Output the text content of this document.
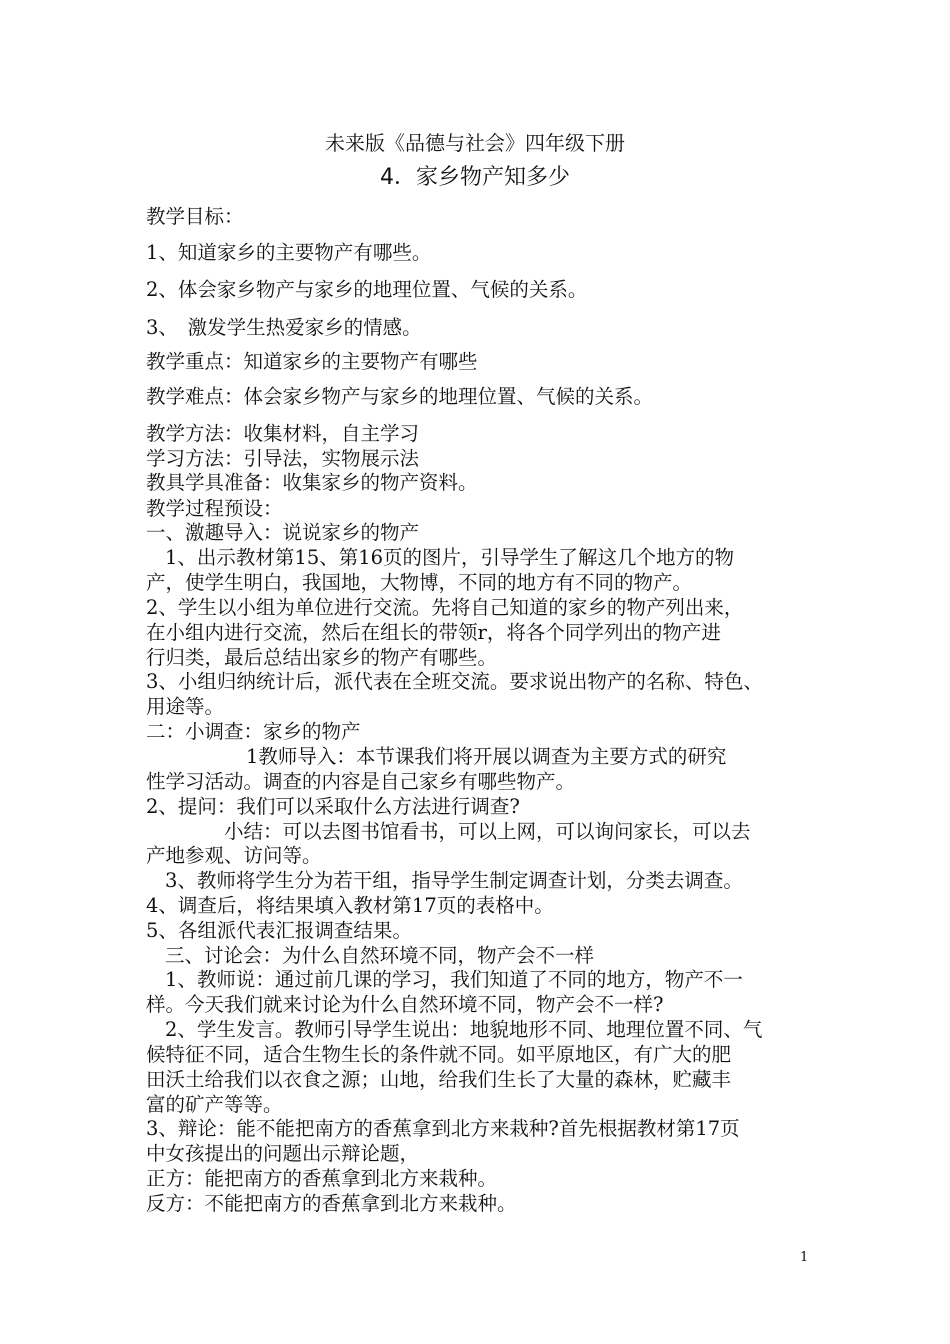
未来版《品德与社会》四年级下册
4．家乡物产知多少
教学目标：
1、知道家乡的主要物产有哪些。
2、体会家乡物产与家乡的地理位置、气候的关系。
3、　激发学生热爱家乡的情感。
教学重点：知道家乡的主要物产有哪些
教学难点：体会家乡物产与家乡的地理位置、气候的关系。
教学方法：收集材料，自主学习
学习方法：引导法，实物展示法
教具学具准备：收集家乡的物产资料。
教学过程预设：
一、激趣导入：说说家乡的物产
1、出示教材第15、第16页的图片，引导学生了解这几个地方的物
产，使学生明白，我国地，大物博，不同的地方有不同的物产。
2、学生以小组为单位进行交流。先将自己知道的家乡的物产列出来，
在小组内进行交流，然后在组长的带领r，将各个同学列出的物产进
行归类，最后总结出家乡的物产有哪些。
3、小组归纳统计后，派代表在全班交流。要求说出物产的名称、特色、
用途等。
二：小调查：家乡的物产
1教师导入：本节课我们将开展以调查为主要方式的研究
性学习活动。调查的内容是自己家乡有哪些物产。
2、提问：我们可以采取什么方法进行调查?
小结：可以去图书馆看书，可以上网，可以询问家长，可以去
产地参观、访问等。
3、教师将学生分为若干组，指导学生制定调查计划，分类去调查。
4、调查后，将结果填入教材第17页的表格中。
5、各组派代表汇报调查结果。
三、讨论会：为什么自然环境不同，物产会不一样
1、教师说：通过前几课的学习，我们知道了不同的地方，物产不一
样。今天我们就来讨论为什么自然环境不同，物产会不一样?
2、学生发言。教师引导学生说出：地貌地形不同、地理位置不同、气
候特征不同，适合生物生长的条件就不同。如平原地区，有广大的肥
田沃土给我们以衣食之源；山地，给我们生长了大量的森林，贮藏丰
富的矿产等等。
3、辩论：能不能把南方的香蕉拿到北方来栽种?首先根据教材第17页
中女孩提出的问题出示辩论题，
正方：能把南方的香蕉拿到北方来栽种。
反方：不能把南方的香蕉拿到北方来栽种。
1
